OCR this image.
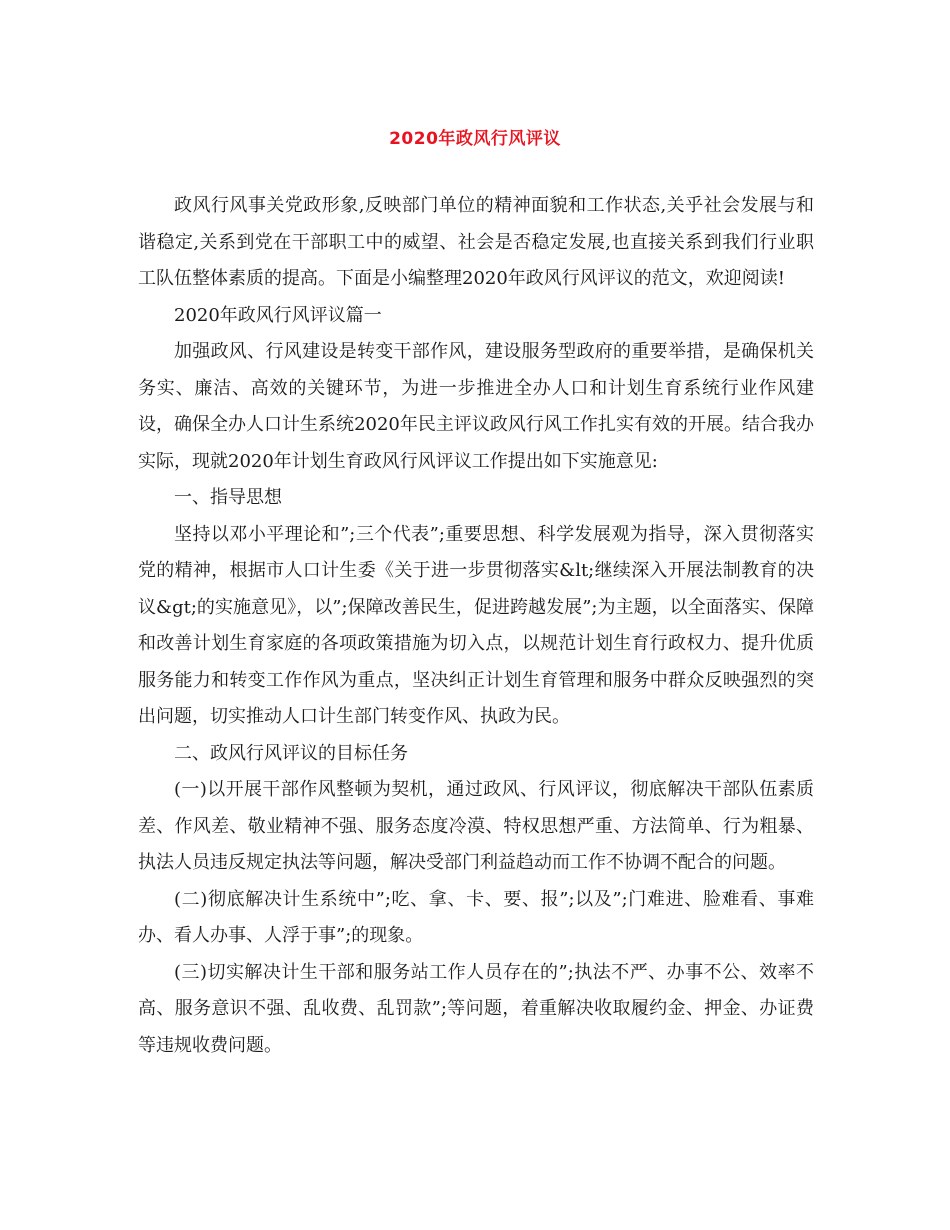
2020年政风行风评议

政风行风事关党政形象,反映部门单位的精神面貌和工作状态,关乎社会发展与和谐稳定,关系到党在干部职工中的威望、社会是否稳定发展,也直接关系到我们行业职工队伍整体素质的提高。下面是小编整理2020年政风行风评议的范文，欢迎阅读!

2020年政风行风评议篇一

加强政风、行风建设是转变干部作风，建设服务型政府的重要举措，是确保机关务实、廉洁、高效的关键环节，为进一步推进全办人口和计划生育系统行业作风建设，确保全办人口计生系统2020年民主评议政风行风工作扎实有效的开展。结合我办实际，现就2020年计划生育政风行风评议工作提出如下实施意见:

一、指导思想

坚持以邓小平理论和”;三个代表”;重要思想、科学发展观为指导，深入贯彻落实党的精神，根据市人口计生委《关于进一步贯彻落实&lt;继续深入开展法制教育的决议&gt;的实施意见》，以”;保障改善民生，促进跨越发展”;为主题，以全面落实、保障和改善计划生育家庭的各项政策措施为切入点，以规范计划生育行政权力、提升优质服务能力和转变工作作风为重点，坚决纠正计划生育管理和服务中群众反映强烈的突出问题，切实推动人口计生部门转变作风、执政为民。

二、政风行风评议的目标任务

(一)以开展干部作风整顿为契机，通过政风、行风评议，彻底解决干部队伍素质差、作风差、敬业精神不强、服务态度冷漠、特权思想严重、方法简单、行为粗暴、执法人员违反规定执法等问题，解决受部门利益趋动而工作不协调不配合的问题。

(二)彻底解决计生系统中”;吃、拿、卡、要、报”;以及”;门难进、脸难看、事难办、看人办事、人浮于事”;的现象。

(三)切实解决计生干部和服务站工作人员存在的”;执法不严、办事不公、效率不高、服务意识不强、乱收费、乱罚款”;等问题，着重解决收取履约金、押金、办证费等违规收费问题。
